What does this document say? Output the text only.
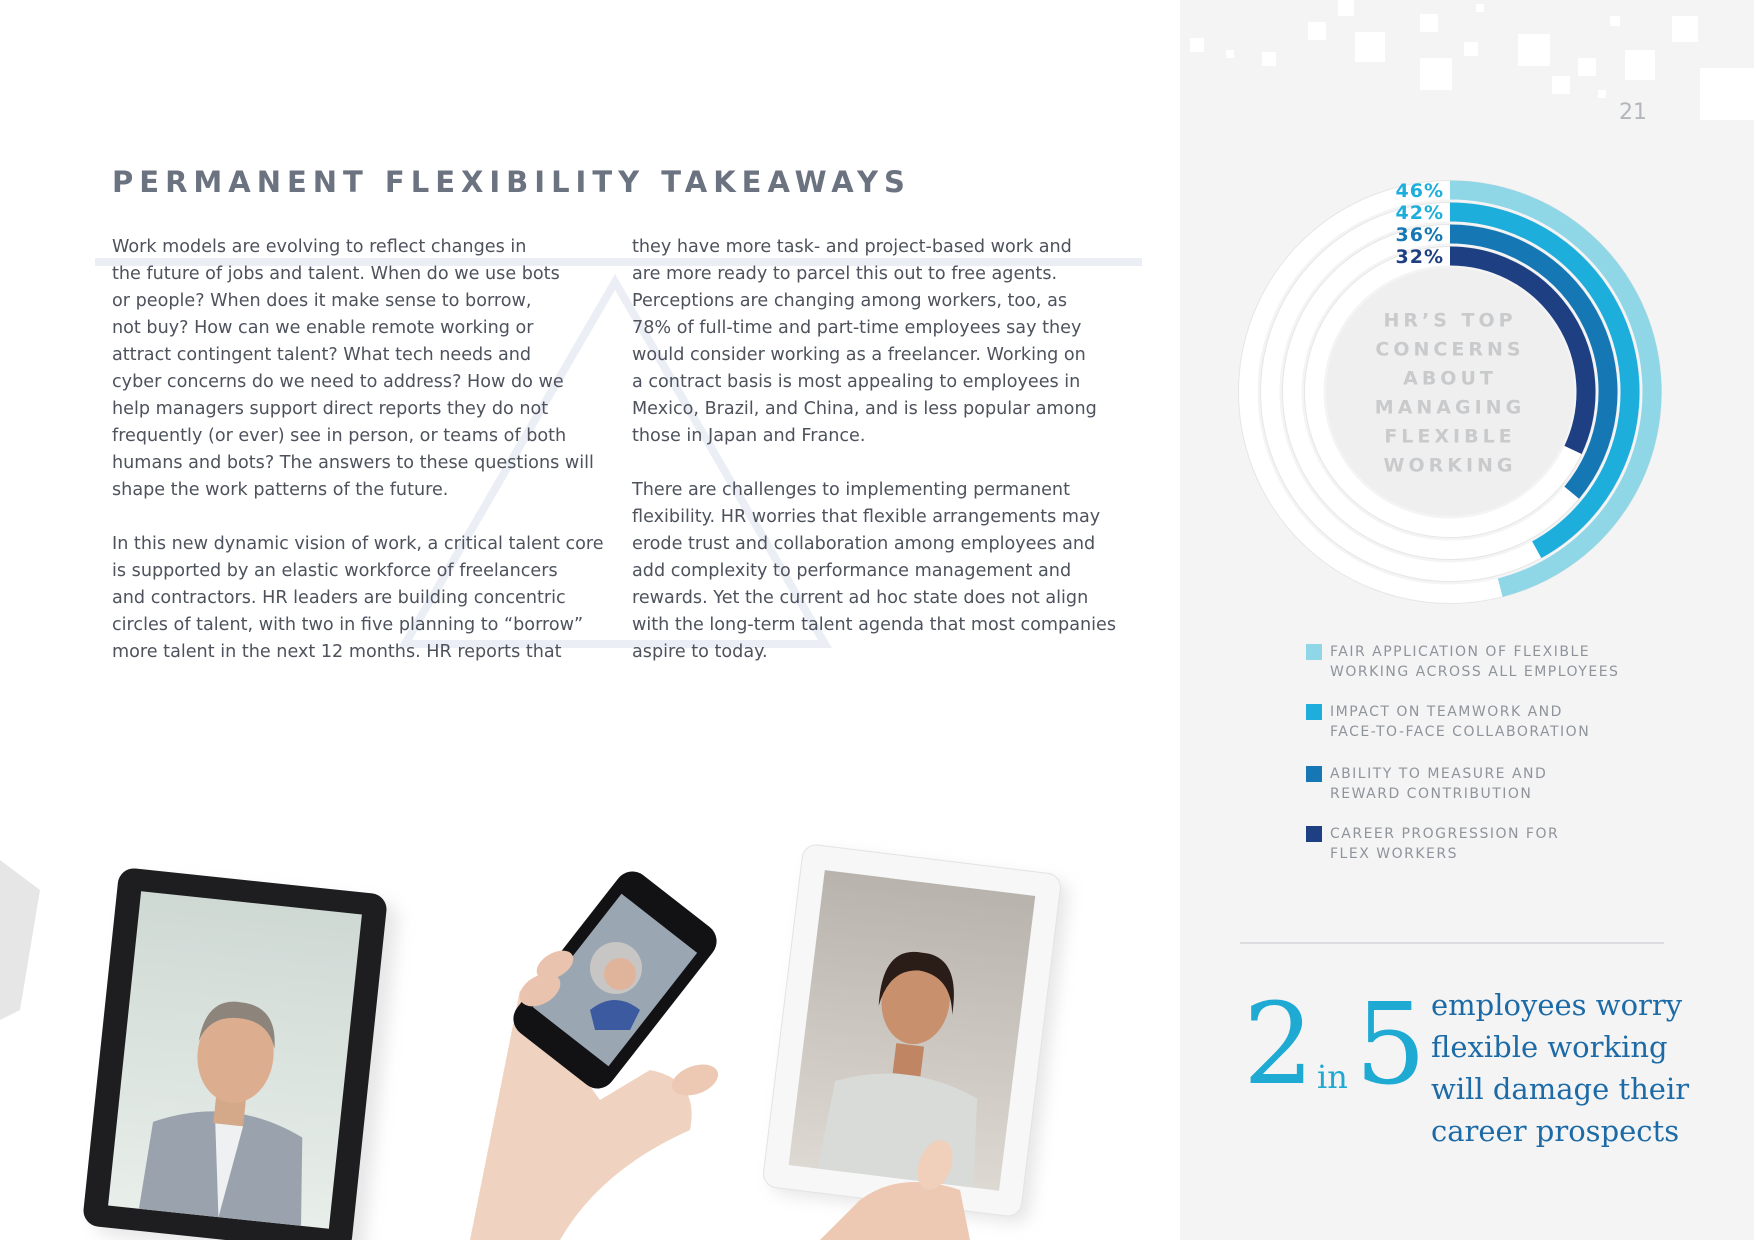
PERMANENT FLEXIBILITY TAKEAWAYS

Work models are evolving to reflect changes in
the future of jobs and talent. When do we use bots
or people? When does it make sense to borrow,
not buy? How can we enable remote working or
attract contingent talent? What tech needs and
cyber concerns do we need to address? How do we
help managers support direct reports they do not
frequently (or ever) see in person, or teams of both
humans and bots? The answers to these questions will
shape the work patterns of the future.

In this new dynamic vision of work, a critical talent core
is supported by an elastic workforce of freelancers
and contractors. HR leaders are building concentric
circles of talent, with two in five planning to “borrow”
more talent in the next 12 months. HR reports that

they have more task- and project-based work and
are more ready to parcel this out to free agents.
Perceptions are changing among workers, too, as
78% of full-time and part-time employees say they
would consider working as a freelancer. Working on
a contract basis is most appealing to employees in
Mexico, Brazil, and China, and is less popular among
those in Japan and France.

There are challenges to implementing permanent
flexibility. HR worries that flexible arrangements may
erode trust and collaboration among employees and
add complexity to performance management and
rewards. Yet the current ad hoc state does not align
with the long-term talent agenda that most companies
aspire to today.

21
46%
42%
36%
32%
HR’S TOP
CONCERNS
ABOUT
MANAGING
FLEXIBLE
WORKING
FAIR APPLICATION OF FLEXIBLE
WORKING ACROSS ALL EMPLOYEES
IMPACT ON TEAMWORK AND
FACE-TO-FACE COLLABORATION
ABILITY TO MEASURE AND
REWARD CONTRIBUTION
CAREER PROGRESSION FOR
FLEX WORKERS
2 in 5 employees worry
flexible working
will damage their
career prospects
